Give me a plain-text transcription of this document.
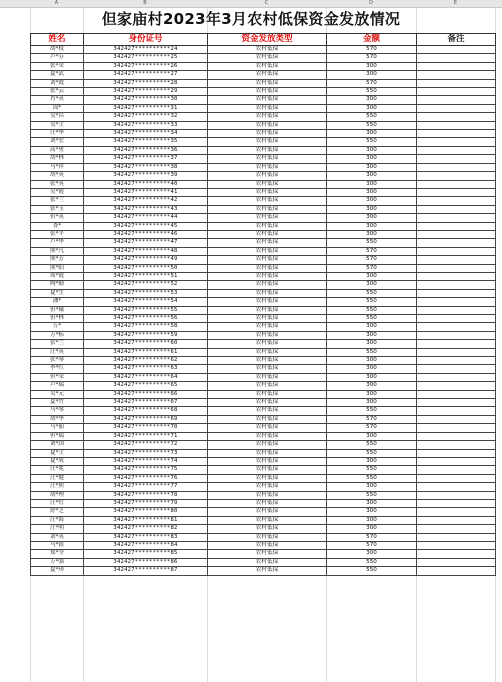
A	B	C	D	E
但家庙村2023年3月农村低保资金发放情况
姓名	身份证号	资金发放类型	金额	备注
胡*枝	342427**********24	农村低保	570	
卢*芬	342427**********25	农村低保	570	
张*荣	342427**********26	农村低保	300	
夏*武	342427**********27	农村低保	300	
刘*霞	342427**********28	农村低保	570	
张*云	342427**********29	农村低保	550	
肖*英	342427**********30	农村低保	300	
周*	342427**********31	农村低保	300	
吴*昌	342427**********32	农村低保	550	
吴*主	342427**********33	农村低保	550	
汪*华	342427**********34	农村低保	300	
刘*宏	342427**********35	农村低保	550	
高*勇	342427**********36	农村低保	300	
胡*林	342427**********37	农村低保	300	
马*祥	342427**********38	农村低保	300	
胡*英	342427**********39	农村低保	300	
张*英	342427**********40	农村低保	300	
吴*霞	342427**********41	农村低保	300	
张*兰	342427**********42	农村低保	300	
张*玉	342427**********43	农村低保	300	
但*英	342427**********44	农村低保	300	
査*	342427**********45	农村低保	300	
张*平	342427**********46	农村低保	300	
卢*华	342427**********47	农村低保	550	
熊*凡	342427**********48	农村低保	570	
熊*芳	342427**********49	农村低保	570	
熊*阳	342427**********50	农村低保	570	
周*霞	342427**********51	农村低保	300	
陶*勤	342427**********52	农村低保	300	
夏*生	342427**********53	农村低保	550	
潘*	342427**********54	农村低保	550	
但*娥	342427**********55	农村低保	550	
但*林	342427**********56	农村低保	550	
万*	342427**********58	农村低保	300	
万*标	342427**********59	农村低保	300	
张*兰	342427**********60	农村低保	300	
汪*英	342427**********61	农村低保	550	
张*琴	342427**********62	农村低保	300	
李*红	342427**********63	农村低保	300	
但*荣	342427**********64	农村低保	300	
卢*瑞	342427**********65	农村低保	300	
吴*元	342427**********66	农村低保	300	
夏*竹	342427**********67	农村低保	300	
马*琴	342427**********68	农村低保	550	
胡*华	342427**********69	农村低保	570	
马*丽	342427**********70	农村低保	570	
但*瑞	342427**********71	农村低保	300	
刘*国	342427**********72	农村低保	550	
夏*主	342427**********73	农村低保	550	
夏*成	342427**********74	农村低保	300	
汪*兆	342427**********75	农村低保	550	
汪*健	342427**********76	农村低保	550	
汪*照	342427**********77	农村低保	300	
胡*理	342427**********78	农村低保	550	
汪*灶	342427**********79	农村低保	300	
舒*芝	342427**********80	农村低保	300	
汪*海	342427**********81	农村低保	300	
汪*明	342427**********82	农村低保	300	
刘*英	342427**********83	农村低保	570	
马*银	342427**********84	农村低保	570	
郑*全	342427**********85	农村低保	300	
万*强	342427**********86	农村低保	550	
夏*珍	342427**********87	农村低保	550	
